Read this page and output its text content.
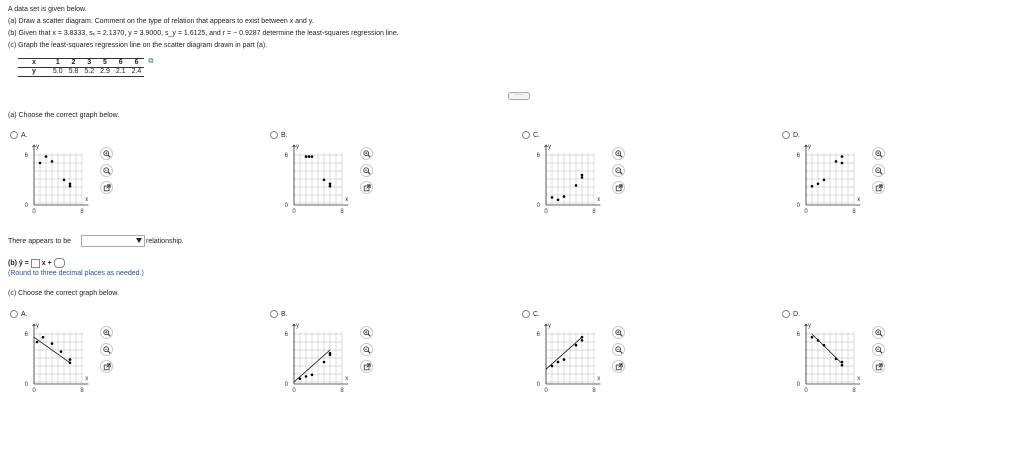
A data set is given below.
(a) Draw a scatter diagram. Comment on the type of relation that appears to exist between x and y.
(b) Given that x = 3.8333, sₓ = 2.1370, y = 3.9000, s_y = 1.6125, and r = − 0.9287 determine the least-squares regression line.
(c) Graph the least-squares regression line on the scatter diagram drawn in part (a).
x	1	2	3	5	6	6
y	5.0	5.8	5.2	2.9	2.1	2.4
⧉
·····
(a) Choose the correct graph below.
A.
6
y
0
0	8
x
B.
6
y
0
0	8
x
C.
6
y
0
0	8
x
D.
6
y
0
0	8
x
There appears to be	relationship.
(b) ŷ = x +
(Round to three decimal places as needed.)
(c) Choose the correct graph below.
A.
6
y
0
0	8
x
B.
6
y
0
0	8
x
C.
6
y
0
0	8
x
D.
6
y
0
0	8
x
